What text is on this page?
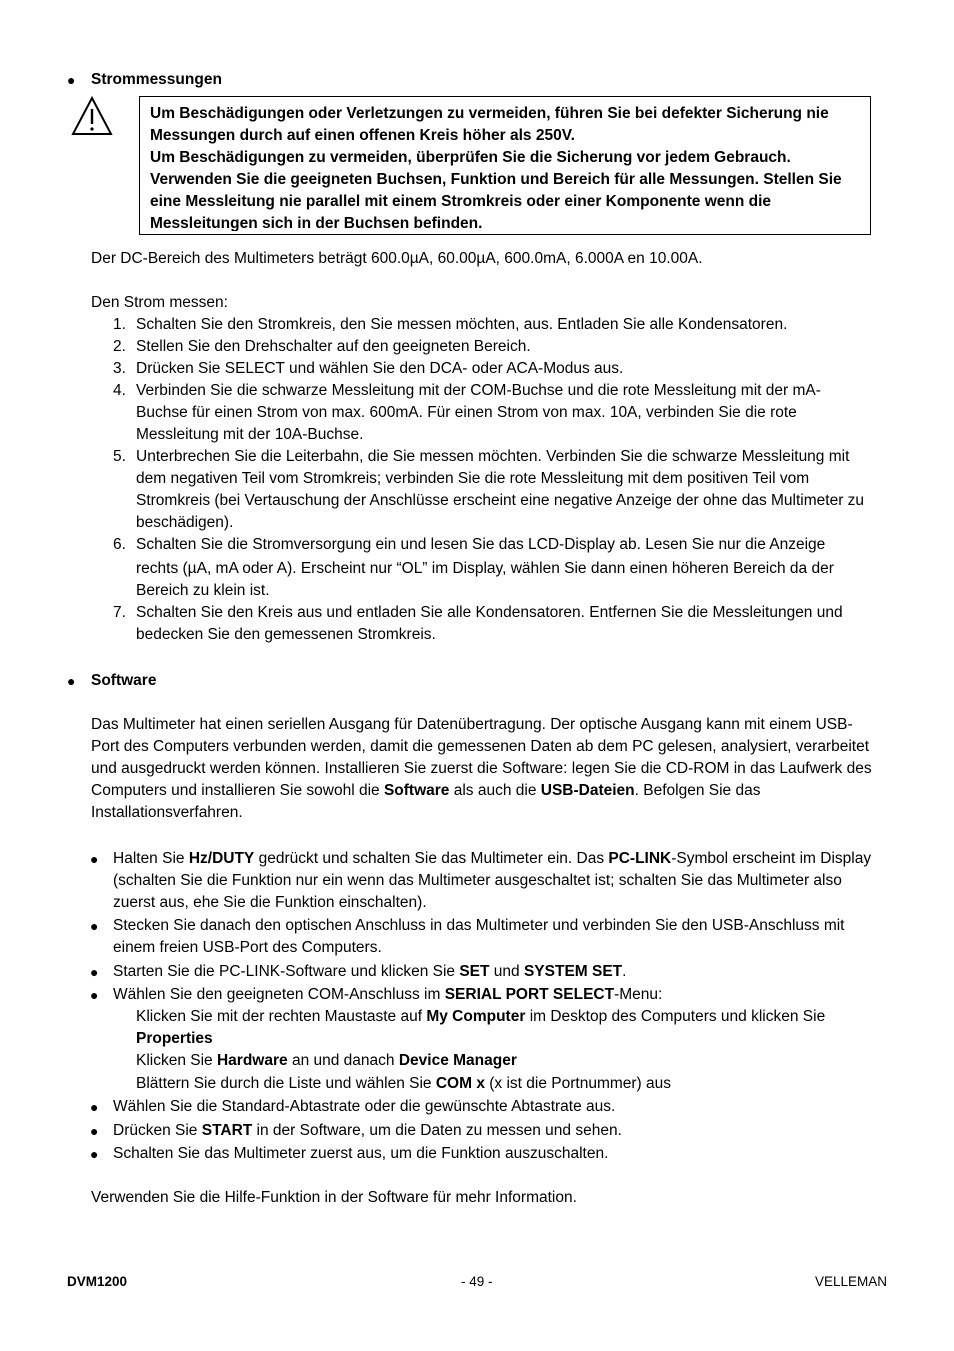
● Strommessungen
Um Beschädigungen oder Verletzungen zu vermeiden, führen Sie bei defekter Sicherung nie
Messungen durch auf einen offenen Kreis höher als 250V.
Um Beschädigungen zu vermeiden, überprüfen Sie die Sicherung vor jedem Gebrauch.
Verwenden Sie die geeigneten Buchsen, Funktion und Bereich für alle Messungen. Stellen Sie
eine Messleitung nie parallel mit einem Stromkreis oder einer Komponente wenn die
Messleitungen sich in der Buchsen befinden.
Der DC-Bereich des Multimeters beträgt 600.0µA, 60.00µA, 600.0mA, 6.000A en 10.00A.
Den Strom messen:
1. Schalten Sie den Stromkreis, den Sie messen möchten, aus. Entladen Sie alle Kondensatoren.
2. Stellen Sie den Drehschalter auf den geeigneten Bereich.
3. Drücken Sie SELECT und wählen Sie den DCA- oder ACA-Modus aus.
4. Verbinden Sie die schwarze Messleitung mit der COM-Buchse und die rote Messleitung mit der mA-
Buchse für einen Strom von max. 600mA. Für einen Strom von max. 10A, verbinden Sie die rote
Messleitung mit der 10A-Buchse.
5. Unterbrechen Sie die Leiterbahn, die Sie messen möchten. Verbinden Sie die schwarze Messleitung mit
dem negativen Teil vom Stromkreis; verbinden Sie die rote Messleitung mit dem positiven Teil vom
Stromkreis (bei Vertauschung der Anschlüsse erscheint eine negative Anzeige der ohne das Multimeter zu
beschädigen).
6. Schalten Sie die Stromversorgung ein und lesen Sie das LCD-Display ab. Lesen Sie nur die Anzeige
rechts (µA, mA oder A). Erscheint nur “OL” im Display, wählen Sie dann einen höheren Bereich da der
Bereich zu klein ist.
7. Schalten Sie den Kreis aus und entladen Sie alle Kondensatoren. Entfernen Sie die Messleitungen und
bedecken Sie den gemessenen Stromkreis.
● Software
Das Multimeter hat einen seriellen Ausgang für Datenübertragung. Der optische Ausgang kann mit einem USB-
Port des Computers verbunden werden, damit die gemessenen Daten ab dem PC gelesen, analysiert, verarbeitet
und ausgedruckt werden können. Installieren Sie zuerst die Software: legen Sie die CD-ROM in das Laufwerk des
Computers und installieren Sie sowohl die Software als auch die USB-Dateien. Befolgen Sie das
Installationsverfahren.
● Halten Sie Hz/DUTY gedrückt und schalten Sie das Multimeter ein. Das PC-LINK-Symbol erscheint im Display
(schalten Sie die Funktion nur ein wenn das Multimeter ausgeschaltet ist; schalten Sie das Multimeter also
zuerst aus, ehe Sie die Funktion einschalten).
● Stecken Sie danach den optischen Anschluss in das Multimeter und verbinden Sie den USB-Anschluss mit
einem freien USB-Port des Computers.
● Starten Sie die PC-LINK-Software und klicken Sie SET und SYSTEM SET.
● Wählen Sie den geeigneten COM-Anschluss im SERIAL PORT SELECT-Menu:
Klicken Sie mit der rechten Maustaste auf My Computer im Desktop des Computers und klicken Sie
Properties
Klicken Sie Hardware an und danach Device Manager
Blättern Sie durch die Liste und wählen Sie COM x (x ist die Portnummer) aus
● Wählen Sie die Standard-Abtastrate oder die gewünschte Abtastrate aus.
● Drücken Sie START in der Software, um die Daten zu messen und sehen.
● Schalten Sie das Multimeter zuerst aus, um die Funktion auszuschalten.
Verwenden Sie die Hilfe-Funktion in der Software für mehr Information.
DVM1200	- 49 -	VELLEMAN
